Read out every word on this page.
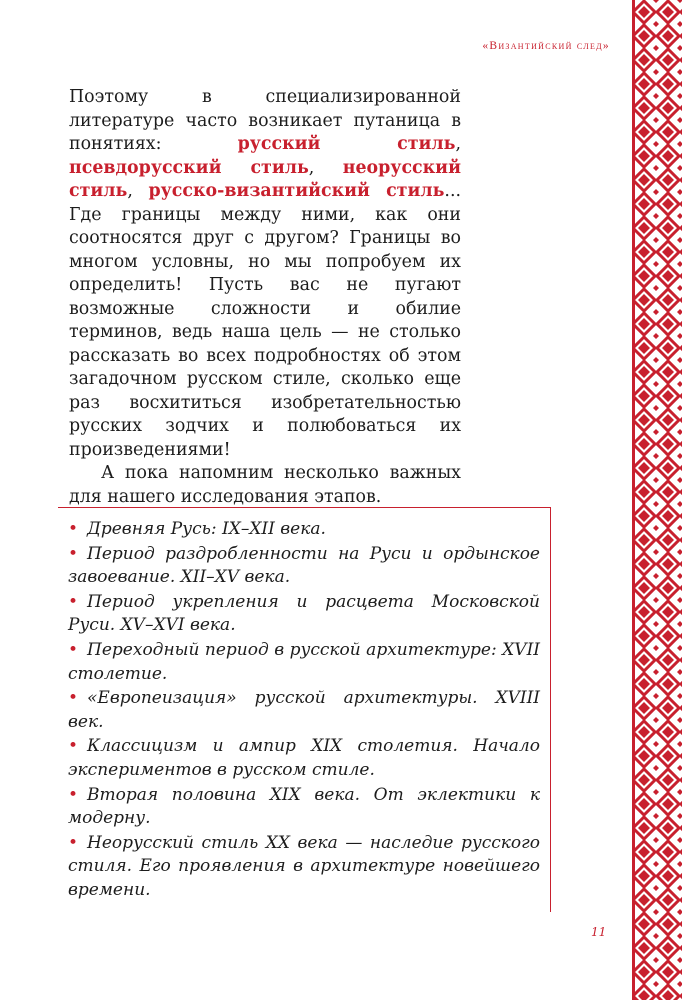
«Византийский след»

Поэтому в специализированной литературе часто возникает путаница в понятиях: русский стиль, псевдорусский стиль, неорусский стиль, русско-византийский стиль... Где границы между ними, как они соотносятся друг с другом? Границы во многом условны, но мы попробуем их определить! Пусть вас не пугают возможные сложности и обилие терминов, ведь наша цель — не столько рассказать во всех подробностях об этом загадочном русском стиле, сколько еще раз восхититься изобретательностью русских зодчих и полюбоваться их произведениями!

А пока напомним несколько важных для нашего исследования этапов.

• Древняя Русь: IX–XII века.
• Период раздробленности на Руси и ордынское завоевание. XII–XV века.
• Период укрепления и расцвета Московской Руси. XV–XVI века.
• Переходный период в русской архитектуре: XVII столетие.
• «Европеизация» русской архитектуры. XVIII век.
• Классицизм и ампир XIX столетия. Начало экспериментов в русском стиле.
• Вторая половина XIX века. От эклектики к модерну.
• Неорусский стиль XX века — наследие русского стиля. Его проявления в архитектуре новейшего времени.
11
